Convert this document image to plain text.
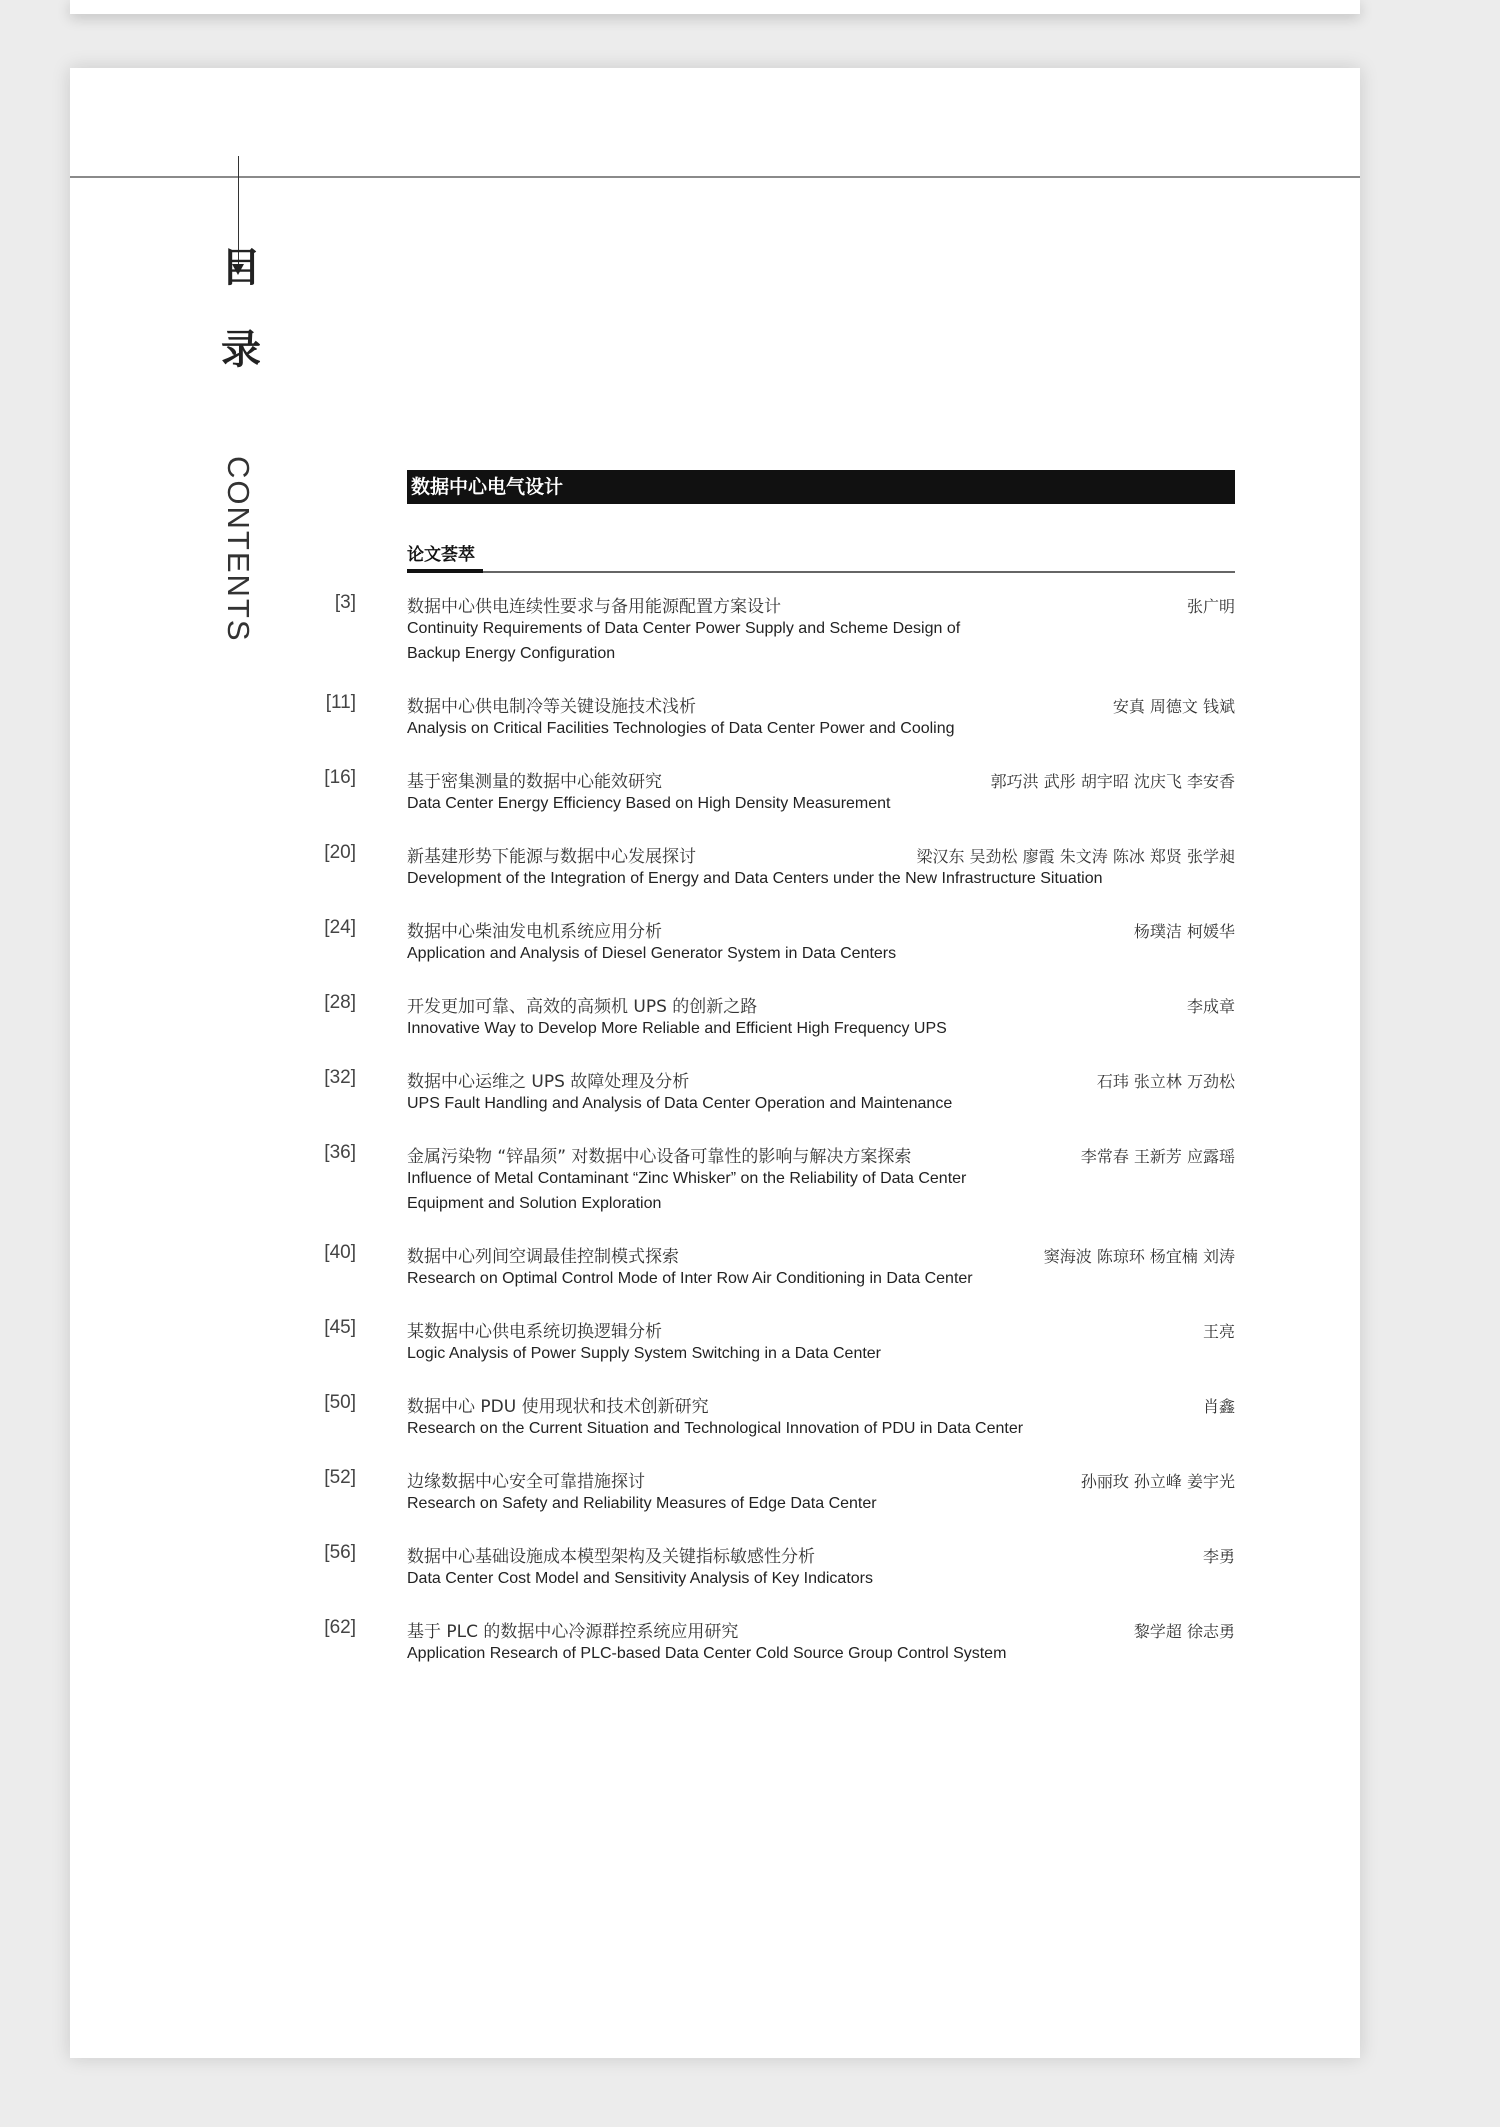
目
录
CONTENTS	数据中心电气设计
论文荟萃
[3]	数据中心供电连续性要求与备用能源配置方案设计	张广明
Continuity Requirements of Data Center Power Supply and Scheme Design of Backup Energy Configuration
[11]	数据中心供电制冷等关键设施技术浅析	安真 周德文 钱斌
Analysis on Critical Facilities Technologies of Data Center Power and Cooling
[16]	基于密集测量的数据中心能效研究	郭巧洪 武彤 胡宇昭 沈庆飞 李安香
Data Center Energy Efficiency Based on High Density Measurement
[20]	新基建形势下能源与数据中心发展探讨	梁汉东 吴劲松 廖霞 朱文涛 陈冰 郑贤 张学昶
Development of the Integration of Energy and Data Centers under the New Infrastructure Situation
[24]	数据中心柴油发电机系统应用分析	杨璞洁 柯媛华
Application and Analysis of Diesel Generator System in Data Centers
[28]	开发更加可靠、高效的高频机 UPS 的创新之路	李成章
Innovative Way to Develop More Reliable and Efficient High Frequency UPS
[32]	数据中心运维之 UPS 故障处理及分析	石玮 张立林 万劲松
UPS Fault Handling and Analysis of Data Center Operation and Maintenance
[36]	金属污染物 “锌晶须” 对数据中心设备可靠性的影响与解决方案探索	李常春 王新芳 应露瑶
Influence of Metal Contaminant “Zinc Whisker” on the Reliability of Data Center Equipment and Solution Exploration
[40]	数据中心列间空调最佳控制模式探索	窦海波 陈琼环 杨宜楠 刘涛
Research on Optimal Control Mode of Inter Row Air Conditioning in Data Center
[45]	某数据中心供电系统切换逻辑分析	王亮
Logic Analysis of Power Supply System Switching in a Data Center
[50]	数据中心 PDU 使用现状和技术创新研究	肖鑫
Research on the Current Situation and Technological Innovation of PDU in Data Center
[52]	边缘数据中心安全可靠措施探讨	孙丽玫 孙立峰 姜宇光
Research on Safety and Reliability Measures of Edge Data Center
[56]	数据中心基础设施成本模型架构及关键指标敏感性分析	李勇
Data Center Cost Model and Sensitivity Analysis of Key Indicators
[62]	基于 PLC 的数据中心冷源群控系统应用研究	黎学超 徐志勇
Application Research of PLC-based Data Center Cold Source Group Control System
